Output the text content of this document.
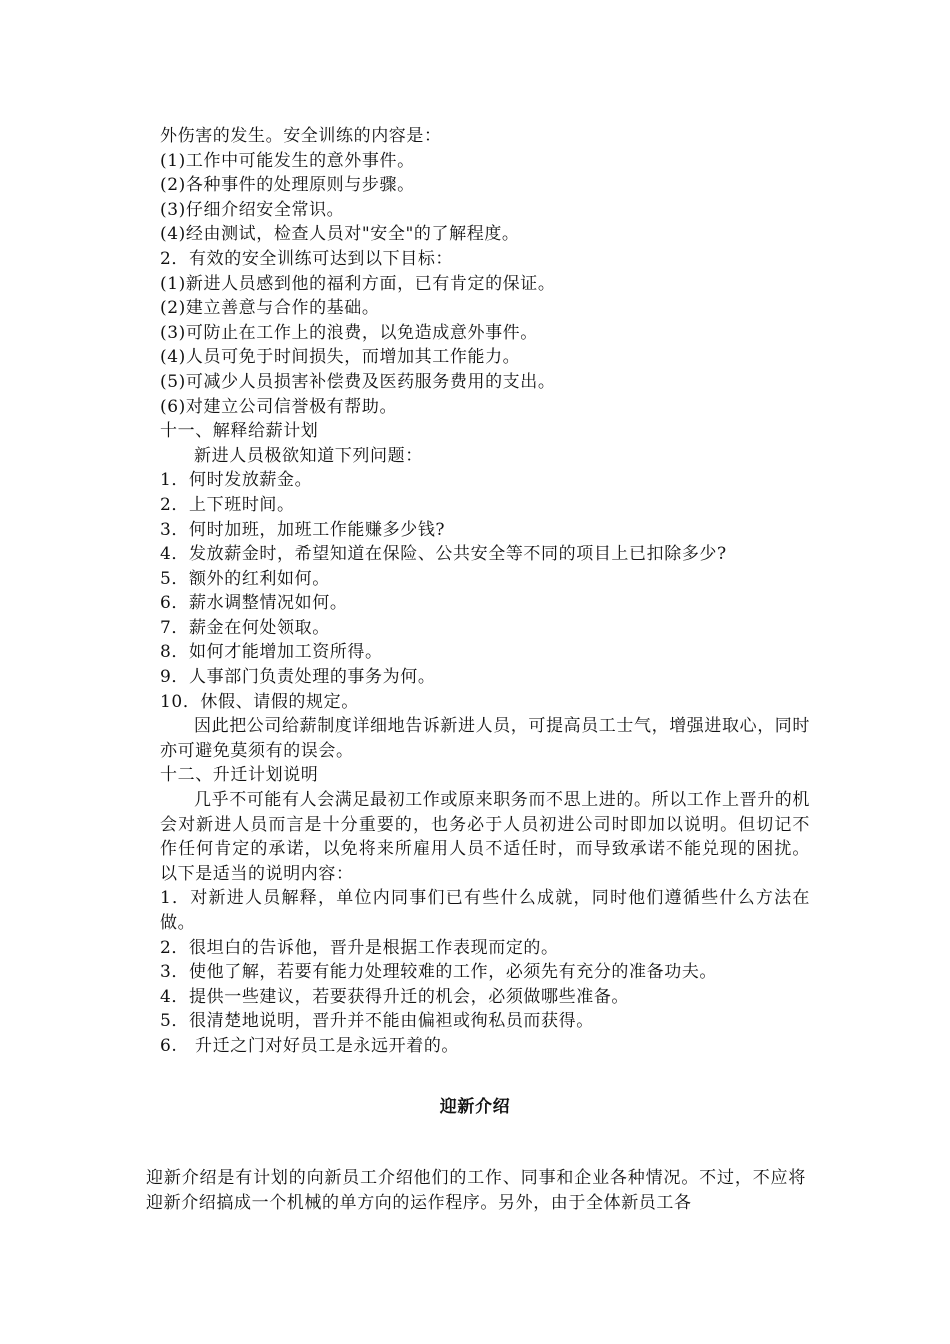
外伤害的发生。安全训练的内容是：
(1)工作中可能发生的意外事件。
(2)各种事件的处理原则与步骤。
(3)仔细介绍安全常识。
(4)经由测试，检查人员对"安全"的了解程度。
2．有效的安全训练可达到以下目标：
(1)新进人员感到他的福利方面，已有肯定的保证。
(2)建立善意与合作的基础。
(3)可防止在工作上的浪费，以免造成意外事件。
(4)人员可免于时间损失，而增加其工作能力。
(5)可减少人员损害补偿费及医药服务费用的支出。
(6)对建立公司信誉极有帮助。
十一、解释给薪计划
新进人员极欲知道下列问题：
1．何时发放薪金。
2．上下班时间。
3．何时加班，加班工作能赚多少钱?
4．发放薪金时，希望知道在保险、公共安全等不同的项目上已扣除多少?
5．额外的红利如何。
6．薪水调整情况如何。
7．薪金在何处领取。
8．如何才能增加工资所得。
9．人事部门负责处理的事务为何。
10．休假、请假的规定。
因此把公司给薪制度详细地告诉新进人员，可提高员工士气，增强进取心，同时亦可避免莫须有的误会。
十二、升迁计划说明
几乎不可能有人会满足最初工作或原来职务而不思上进的。所以工作上晋升的机会对新进人员而言是十分重要的，也务必于人员初进公司时即加以说明。但切记不作任何肯定的承诺，以免将来所雇用人员不适任时，而导致承诺不能兑现的困扰。以下是适当的说明内容：
1．对新进人员解释，单位内同事们已有些什么成就，同时他们遵循些什么方法在做。
2．很坦白的告诉他，晋升是根据工作表现而定的。
3．使他了解，若要有能力处理较难的工作，必须先有充分的准备功夫。
4．提供一些建议，若要获得升迁的机会，必须做哪些准备。
5．很清楚地说明，晋升并不能由偏袒或徇私员而获得。
6.　升迁之门对好员工是永远开着的。
迎新介绍
迎新介绍是有计划的向新员工介绍他们的工作、同事和企业各种情况。不过，不应将迎新介绍搞成一个机械的单方向的运作程序。另外，由于全体新员工各
